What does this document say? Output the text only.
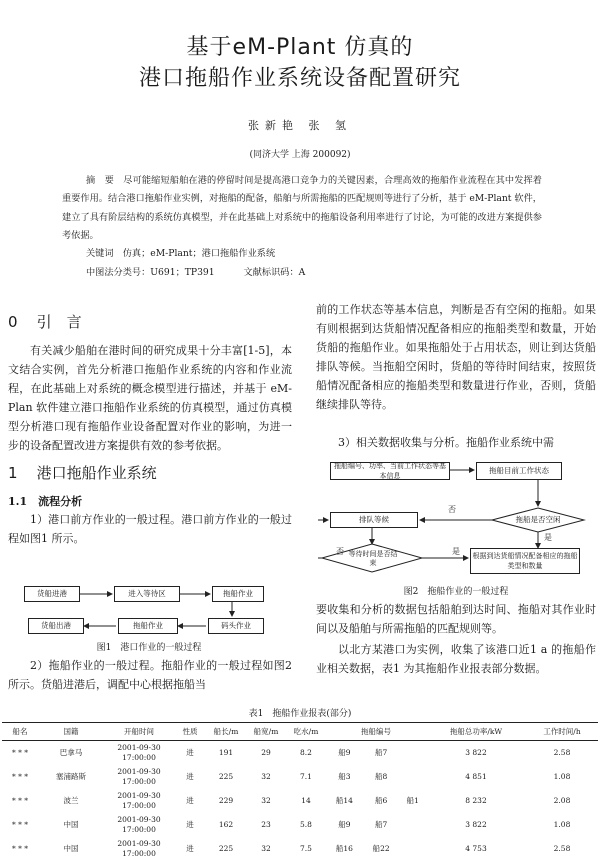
基于eM-Plant 仿真的
港口拖船作业系统设备配置研究
张新艳 张 氢
(同济大学 上海 200092)
摘　要　尽可能缩短船舶在港的停留时间是提高港口竞争力的关键因素，合理高效的拖船作业流程在其中发挥着重要作用。结合港口拖船作业实例，对拖船的配备，船舶与所需拖船的匹配规则等进行了分析，基于 eM-Plant 软件，建立了具有阶层结构的系统仿真模型，并在此基础上对系统中的拖船设备利用率进行了讨论，为可能的改进方案提供参考依据。
关键词　仿真；eM-Plant；港口拖船作业系统
中图法分类号：U691；TP391	文献标识码：A
0 引　言
有关减少船舶在港时间的研究成果十分丰富[1-5]，本文结合实例，首先分析港口拖船作业系统的内容和作业流程，在此基础上对系统的概念模型进行描述，并基于 eM-Plan 软件建立港口拖船作业系统的仿真模型，通过仿真模型分析港口现有拖船作业设备配置对作业的影响，为进一步的设备配置改进方案提供有效的参考依据。
1 港口拖船作业系统
1.1　流程分析
1）港口前方作业的一般过程。港口前方作业的一般过程如图1 所示。
货船进港	进入等待区	拖船作业
货船出港	拖船作业	码头作业
图1　港口作业的一般过程
2）拖船作业的一般过程。拖船作业的一般过程如图2 所示。货船进港后，调配中心根据拖船当
前的工作状态等基本信息，判断是否有空闲的拖船。如果有则根据到达货船情况配备相应的拖船类型和数量，开始货船的拖船作业。如果拖船处于占用状态，则让到达货船排队等候。当拖船空闲时，货船的等待时间结束，按照货船情况配备相应的拖船类型和数量进行作业，否则，货船继续排队等待。
3）相关数据收集与分析。拖船作业系统中需
拖船编号、功率、当前工作状态等基本信息
拖船目前工作状态
拖船是否空闲
排队等候
等待时间是否结束
根据到达货船情况配备相应的拖船类型和数量
否
是
否	是
图2　拖船作业的一般过程
要收集和分析的数据包括船舶到达时间、拖船对其作业时间以及船舶与所需拖船的匹配规则等。
以北方某港口为实例，收集了该港口近1 a 的拖船作业相关数据，表1 为其拖船作业报表部分数据。
表1　拖船作业报表(部分)
船名	国籍	开船时间	性质	船长/m	船宽/m	吃水/m	拖船编号			拖船总功率/kW	工作时间/h
* * *	巴拿马	2001-09-30
17:00:00	进	191	29	8.2	船9	船7		3 822	2.58
* * *	塞浦路斯	2001-09-30
17:00:00	进	225	32	7.1	船3	船8		4 851	1.08
* * *	波兰	2001-09-30
17:00:00	进	229	32	14	船14	船6	船1	8 232	2.08
* * *	中国	2001-09-30
17:00:00	进	162	23	5.8	船9	船7		3 822	1.08
* * *	中国	2001-09-30
17:00:00	进	225	32	7.5	船16	船22		4 753	2.58
